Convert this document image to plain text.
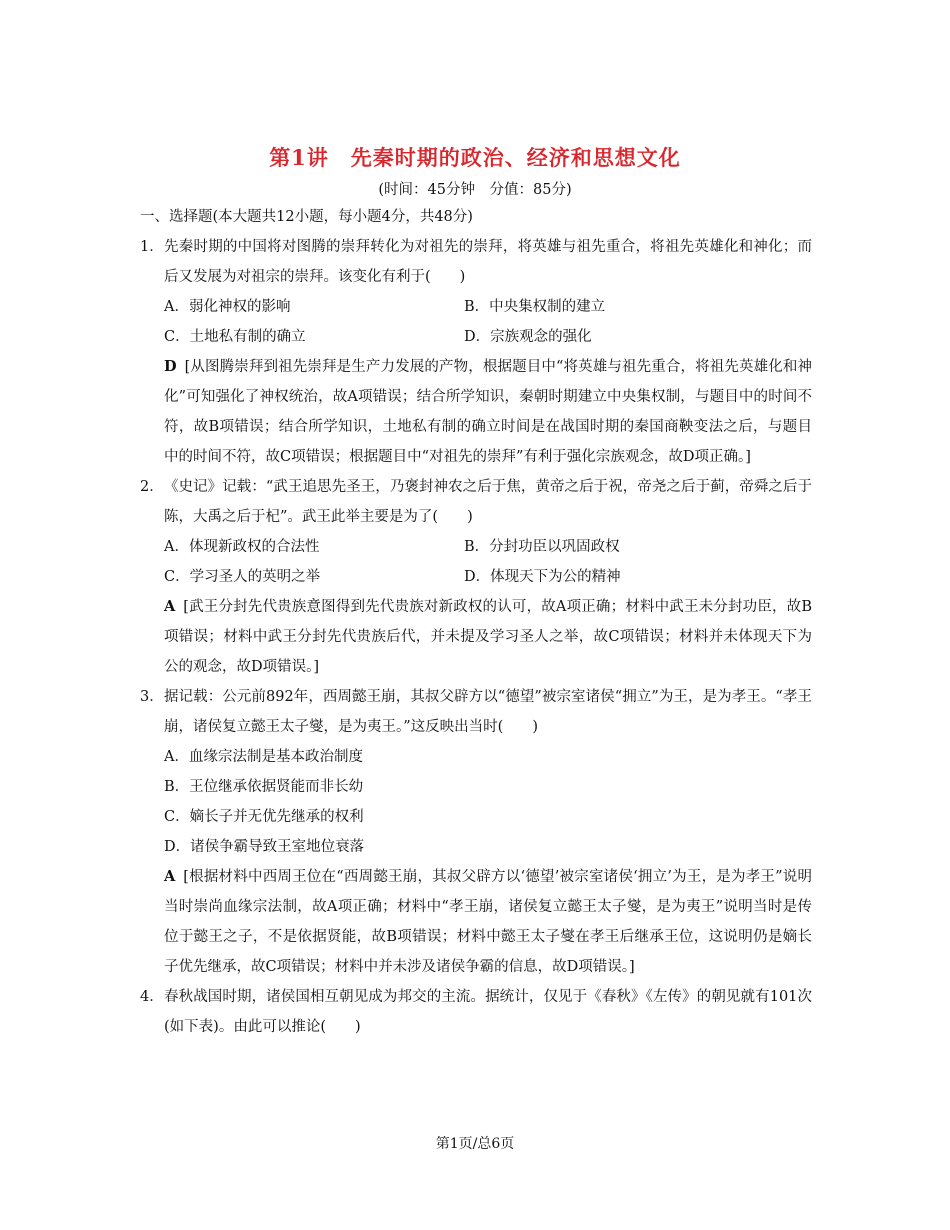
第1讲　先秦时期的政治、经济和思想文化
(时间：45分钟　分值：85分)
一、选择题(本大题共12小题，每小题4分，共48分)
1． 先秦时期的中国将对图腾的崇拜转化为对祖先的崇拜，将英雄与祖先重合，将祖先英雄化和神化；而后又发展为对祖宗的崇拜。该变化有利于(　　)
A．弱化神权的影响	B．中央集权制的建立
C．土地私有制的确立	D．宗族观念的强化
D [从图腾崇拜到祖先崇拜是生产力发展的产物，根据题目中“将英雄与祖先重合，将祖先英雄化和神化”可知强化了神权统治，故A项错误；结合所学知识，秦朝时期建立中央集权制，与题目中的时间不符，故B项错误；结合所学知识，土地私有制的确立时间是在战国时期的秦国商鞅变法之后，与题目中的时间不符，故C项错误；根据题目中“对祖先的崇拜”有利于强化宗族观念，故D项正确。]
2． 《史记》记载：“武王追思先圣王，乃褒封神农之后于焦，黄帝之后于祝，帝尧之后于蓟，帝舜之后于陈，大禹之后于杞”。武王此举主要是为了(　　)
A．体现新政权的合法性	B．分封功臣以巩固政权
C．学习圣人的英明之举	D．体现天下为公的精神
A [武王分封先代贵族意图得到先代贵族对新政权的认可，故A项正确；材料中武王未分封功臣，故B项错误；材料中武王分封先代贵族后代，并未提及学习圣人之举，故C项错误；材料并未体现天下为公的观念，故D项错误。]
3． 据记载：公元前892年，西周懿王崩，其叔父辟方以“德望”被宗室诸侯“拥立”为王，是为孝王。“孝王崩，诸侯复立懿王太子燮，是为夷王。”这反映出当时(　　)
A．血缘宗法制是基本政治制度
B．王位继承依据贤能而非长幼
C．嫡长子并无优先继承的权利
D．诸侯争霸导致王室地位衰落
A [根据材料中西周王位在“西周懿王崩，其叔父辟方以‘德望’被宗室诸侯‘拥立’为王，是为孝王”说明当时崇尚血缘宗法制，故A项正确；材料中“孝王崩，诸侯复立懿王太子燮，是为夷王”说明当时是传位于懿王之子，不是依据贤能，故B项错误；材料中懿王太子燮在孝王后继承王位，这说明仍是嫡长子优先继承，故C项错误；材料中并未涉及诸侯争霸的信息，故D项错误。]
4． 春秋战国时期，诸侯国相互朝见成为邦交的主流。据统计，仅见于《春秋》《左传》的朝见就有101次(如下表)。由此可以推论(　　)
第1页/总6页
